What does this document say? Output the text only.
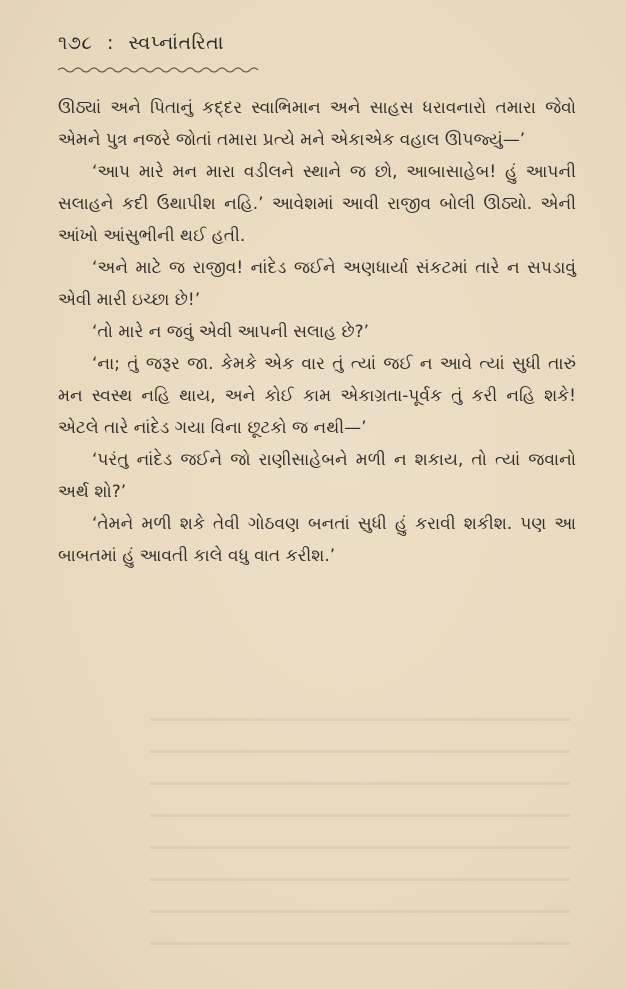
૧૭૮ : સ્વપ્નાંતરિતા

ઊઠ્યાં અને પિતાનું કદ્દર સ્વાભિમાન અને સાહસ ધરાવનારો તમારા જેવો એમને પુત્ર નજરે જોતાં તમારા પ્રત્યે મને એકાએક વહાલ ઊપજ્યું—’

‘આપ મારે મન મારા વડીલને સ્થાને જ છો, આબાસાહેબ! હું આપની સલાહને કદી ઉથાપીશ નહિ.’ આવેશમાં આવી રાજીવ બોલી ઊઠ્યો. એની આંખો આંસુભીની થઈ હતી.

‘અને માટે જ રાજીવ! નાંદેડ જઈને અણધાર્યા સંકટમાં તારે ન સપડાવું એવી મારી ઇચ્છા છે!’

‘તો મારે ન જવું એવી આપની સલાહ છે?’

‘ના; તું જરૂર જા. કેમકે એક વાર તું ત્યાં જઈ ન આવે ત્યાં સુધી તારું મન સ્વસ્થ નહિ થાય, અને કોઈ કામ એકાગ્રતા-પૂર્વક તું કરી નહિ શકે! એટલે તારે નાંદેડ ગયા વિના છૂટકો જ નથી—’

‘પરંતુ નાંદેડ જઈને જો રાણીસાહેબને મળી ન શકાય, તો ત્યાં જવાનો અર્થ શો?’

‘તેમને મળી શકે તેવી ગોઠવણ બનતાં સુધી હું કરાવી શકીશ. પણ આ બાબતમાં હું આવતી કાલે વધુ વાત કરીશ.’
